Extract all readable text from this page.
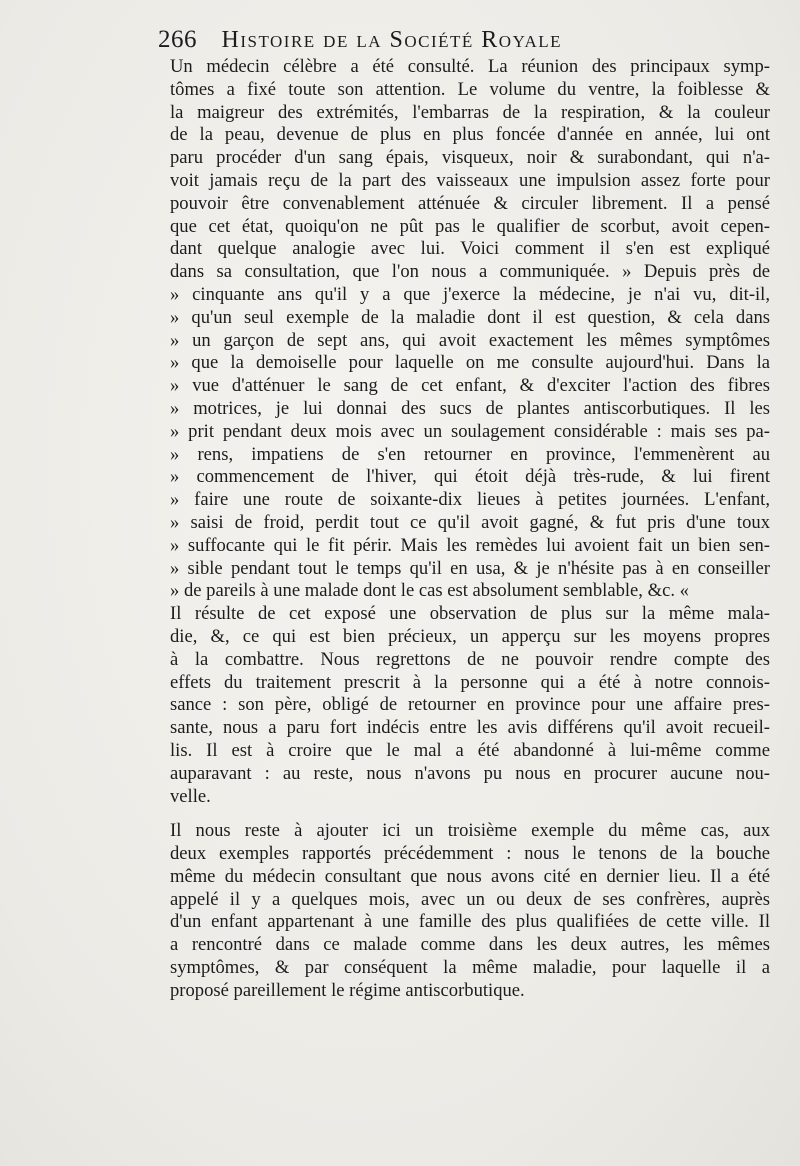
266 Histoire de la Société Royale
Un médecin célèbre a été consulté. La réunion des principaux symp-
tômes a fixé toute son attention. Le volume du ventre, la foiblesse &
la maigreur des extrémités, l'embarras de la respiration, & la couleur
de la peau, devenue de plus en plus foncée d'année en année, lui ont
paru procéder d'un sang épais, visqueux, noir & surabondant, qui n'a-
voit jamais reçu de la part des vaisseaux une impulsion assez forte pour
pouvoir être convenablement atténuée & circuler librement. Il a pensé
que cet état, quoiqu'on ne pût pas le qualifier de scorbut, avoit cepen-
dant quelque analogie avec lui. Voici comment il s'en est expliqué
dans sa consultation, que l'on nous a communiquée. » Depuis près de
» cinquante ans qu'il y a que j'exerce la médecine, je n'ai vu, dit-il,
» qu'un seul exemple de la maladie dont il est question, & cela dans
» un garçon de sept ans, qui avoit exactement les mêmes symptômes
» que la demoiselle pour laquelle on me consulte aujourd'hui. Dans la
» vue d'atténuer le sang de cet enfant, & d'exciter l'action des fibres
» motrices, je lui donnai des sucs de plantes antiscorbutiques. Il les
» prit pendant deux mois avec un soulagement considérable : mais ses pa-
» rens, impatiens de s'en retourner en province, l'emmenèrent au
» commencement de l'hiver, qui étoit déjà très-rude, & lui firent
» faire une route de soixante-dix lieues à petites journées. L'enfant,
» saisi de froid, perdit tout ce qu'il avoit gagné, & fut pris d'une toux
» suffocante qui le fit périr. Mais les remèdes lui avoient fait un bien sen-
» sible pendant tout le temps qu'il en usa, & je n'hésite pas à en conseiller
» de pareils à une malade dont le cas est absolument semblable, &c. «
Il résulte de cet exposé une observation de plus sur la même mala-
die, &, ce qui est bien précieux, un apperçu sur les moyens propres
à la combattre. Nous regrettons de ne pouvoir rendre compte des
effets du traitement prescrit à la personne qui a été à notre connois-
sance : son père, obligé de retourner en province pour une affaire pres-
sante, nous a paru fort indécis entre les avis différens qu'il avoit recueil-
lis. Il est à croire que le mal a été abandonné à lui-même comme
auparavant : au reste, nous n'avons pu nous en procurer aucune nou-
velle.
Il nous reste à ajouter ici un troisième exemple du même cas, aux
deux exemples rapportés précédemment : nous le tenons de la bouche
même du médecin consultant que nous avons cité en dernier lieu. Il a été
appelé il y a quelques mois, avec un ou deux de ses confrères, auprès
d'un enfant appartenant à une famille des plus qualifiées de cette ville. Il
a rencontré dans ce malade comme dans les deux autres, les mêmes
symptômes, & par conséquent la même maladie, pour laquelle il a
proposé pareillement le régime antiscorbutique.
